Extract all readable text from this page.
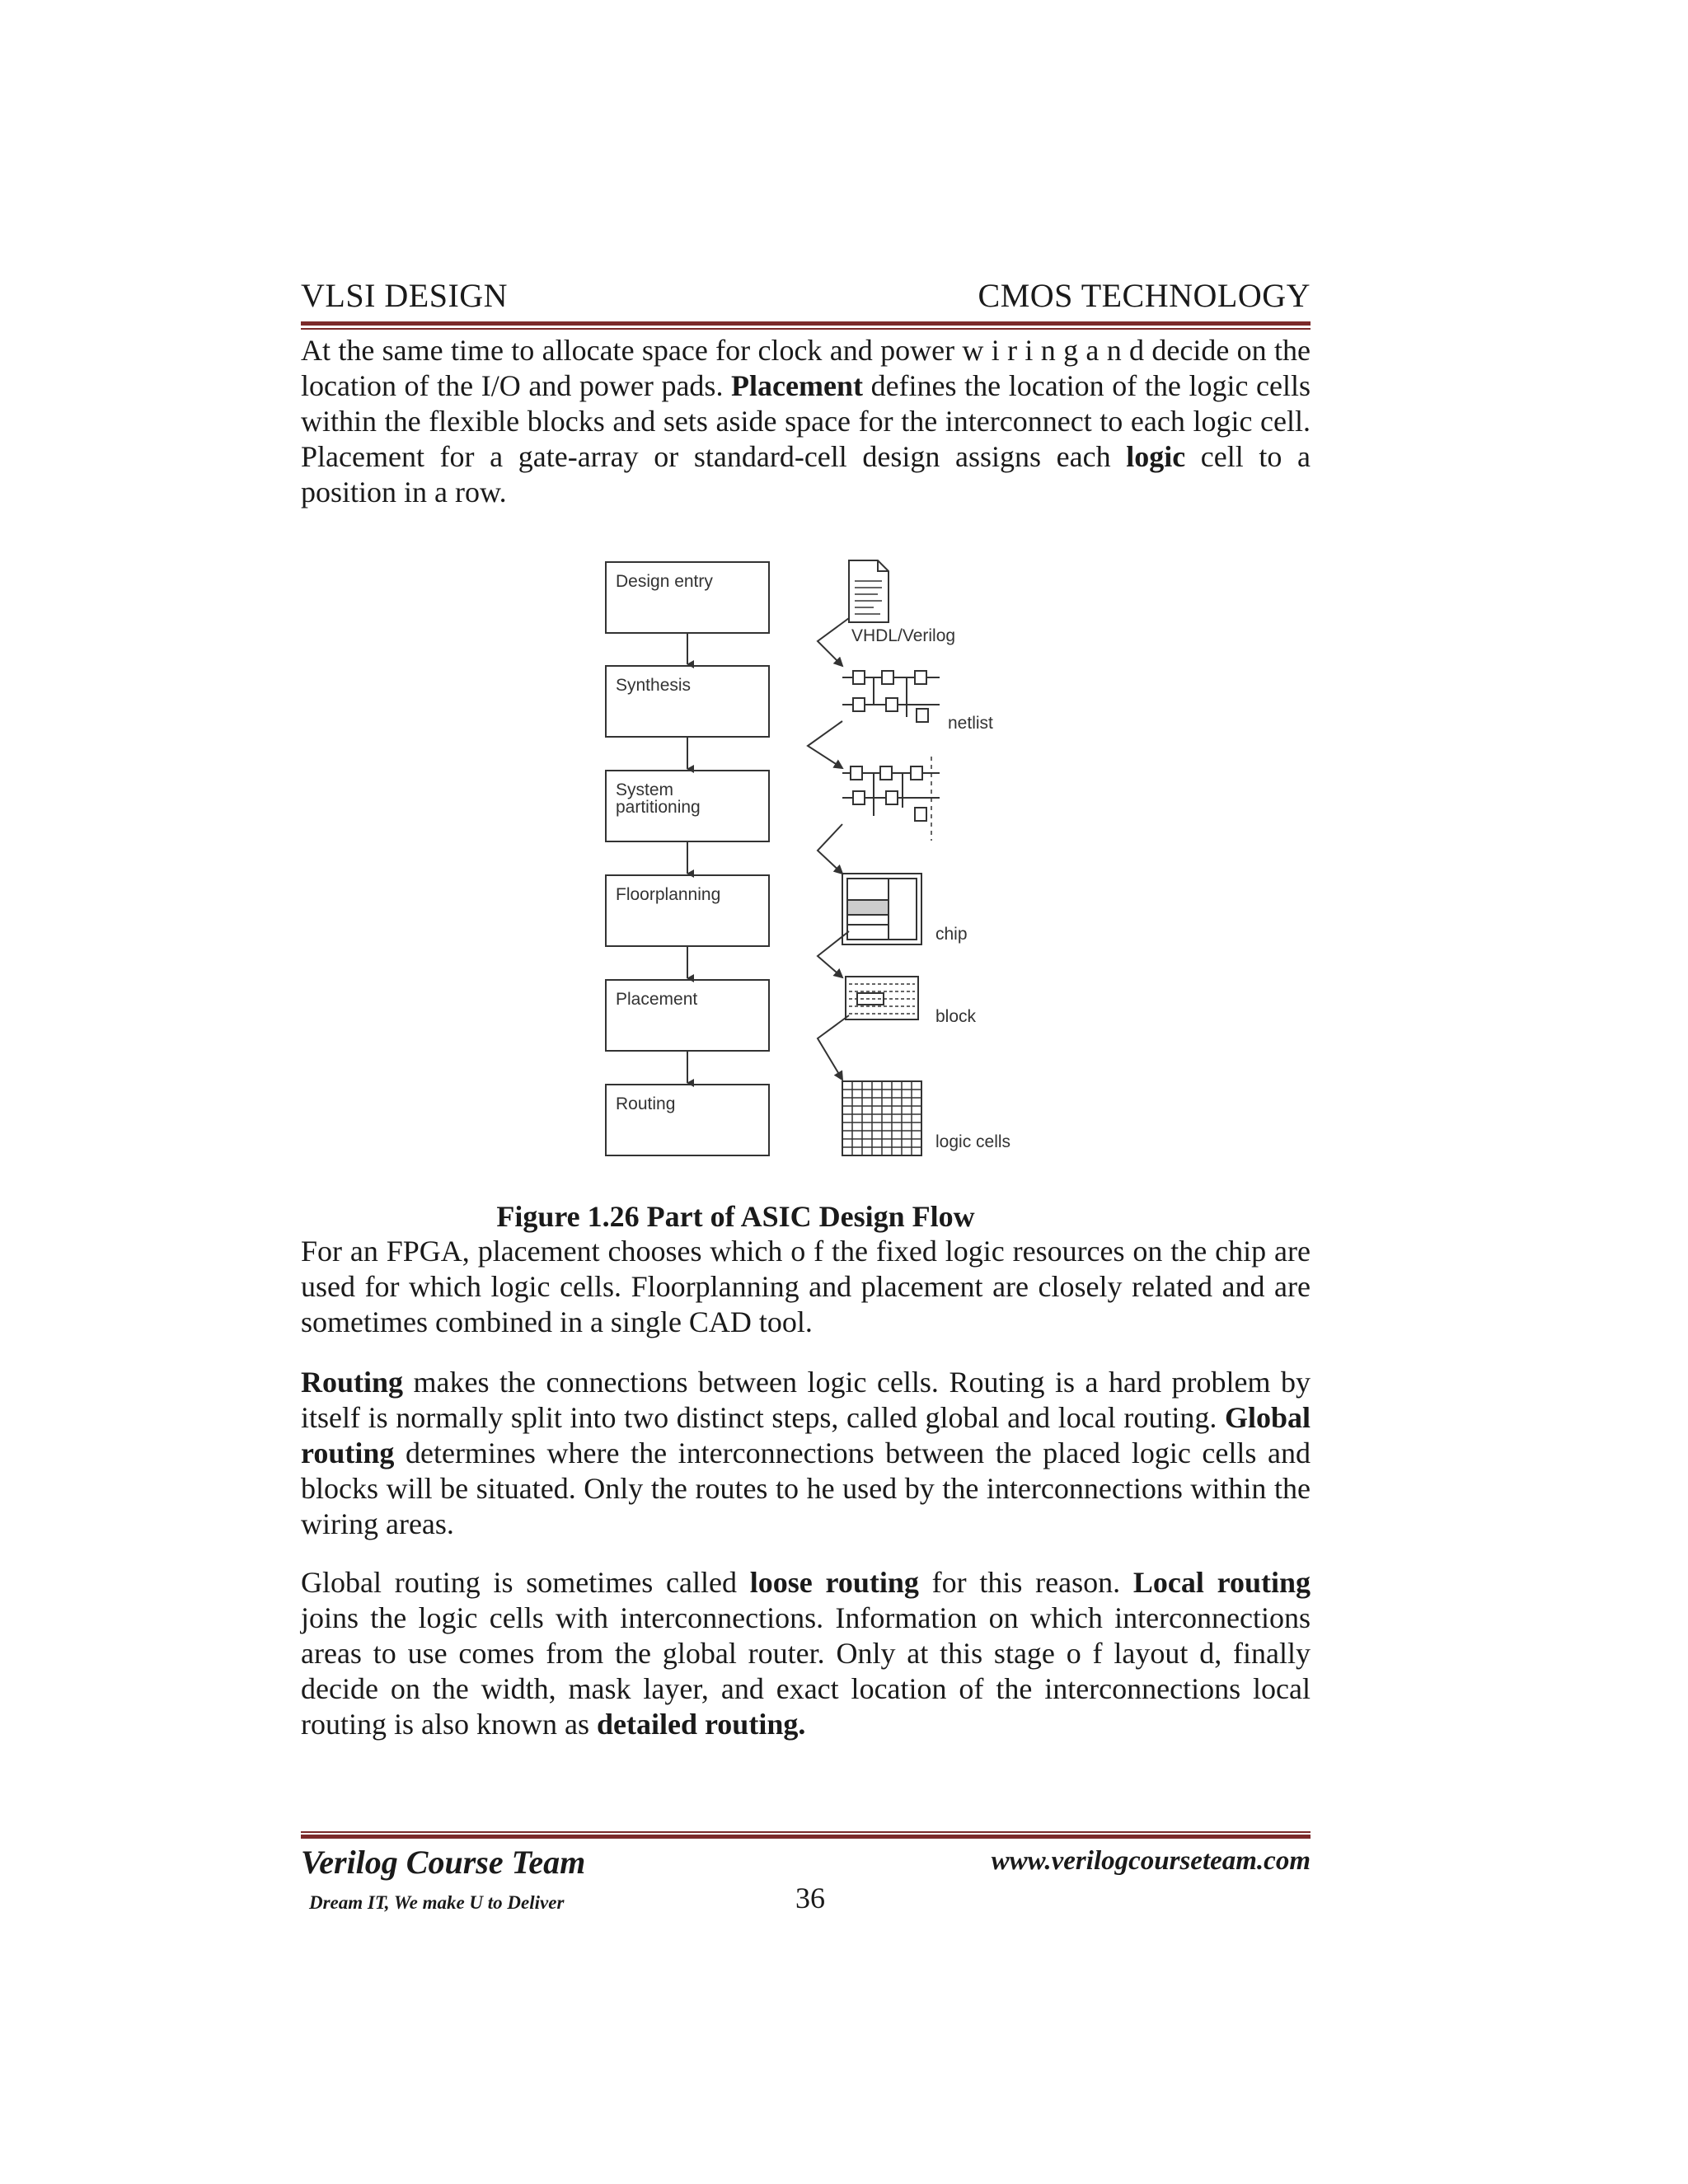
VLSI DESIGN	CMOS TECHNOLOGY

At the same time to allocate space for clock and power w i r i n g a n d decide on the location of the I/O and power pads. Placement defines the location of the logic cells within the flexible blocks and sets aside space for the interconnect to each logic cell. Placement for a gate-array or standard-cell design assigns each logic cell to a position in a row.

Design entry
Synthesis
System
partitioning
Floorplanning
Placement
Routing
VHDL/Verilog
netlist
chip
block
logic cells
Figure 1.26 Part of ASIC Design Flow

For an FPGA, placement chooses which o f the fixed logic resources on the chip are used for which logic cells. Floorplanning and placement are closely related and are sometimes combined in a single CAD tool.

Routing makes the connections between logic cells. Routing is a hard problem by itself is normally split into two distinct steps, called global and local routing. Global routing determines where the interconnections between the placed logic cells and blocks will be situated. Only the routes to he used by the interconnections within the wiring areas.

Global routing is sometimes called loose routing for this reason. Local routing joins the logic cells with interconnections. Information on which interconnections areas to use comes from the global router. Only at this stage o f layout d, finally decide on the width, mask layer, and exact location of the interconnections local routing is also known as detailed routing.

Verilog Course Team	www.verilogcourseteam.com
Dream IT, We make U to Deliver	36
